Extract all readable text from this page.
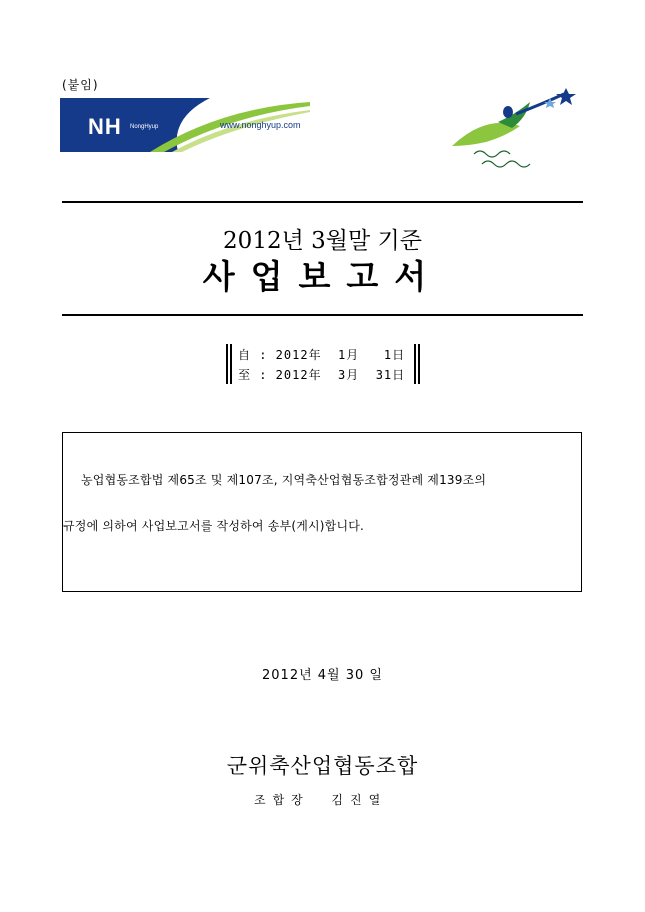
(붙임)
NH NongHyup	www.nonghyup.com
2012년 3월말 기준
사업보고서
自 : 2012年  1月   1日
至 : 2012年  3月  31日
농업협동조합법 제65조 및 제107조, 지역축산업협동조합정관례 제139조의
규정에 의하여 사업보고서를 작성하여 송부(게시)합니다.
2012년 4월 30 일
군위축산업협동조합
조합장  김진열
